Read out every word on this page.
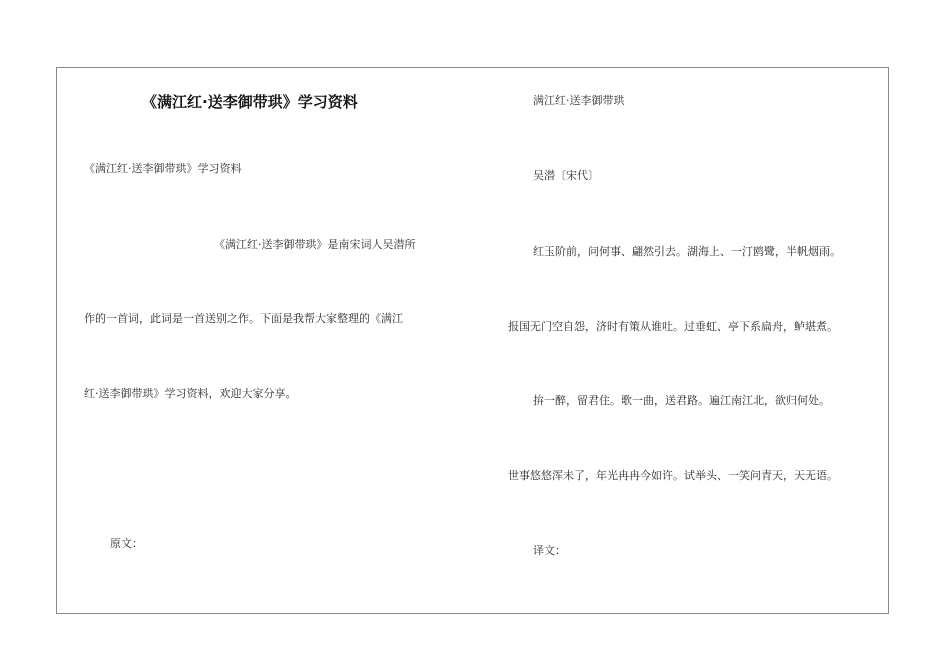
《满江红·送李御带珙》学习资料
《满江红·送李御带珙》学习资料
《满江红·送李御带珙》是南宋词人吴潜所
作的一首词，此词是一首送别之作。下面是我帮大家整理的《满江
红·送李御带珙》学习资料，欢迎大家分享。
原文：
满江红·送李御带珙
吴潜〔宋代〕
红玉阶前，问何事、翩然引去。湖海上、一汀鸥鹭，半帆烟雨。
报国无门空自怨，济时有策从谁吐。过垂虹、亭下系扁舟，鲈堪煮。
拚一醉，留君住。歌一曲，送君路。遍江南江北，欲归何处。
世事悠悠浑未了，年光冉冉今如许。试举头、一笑问青天，天无语。
译文：
